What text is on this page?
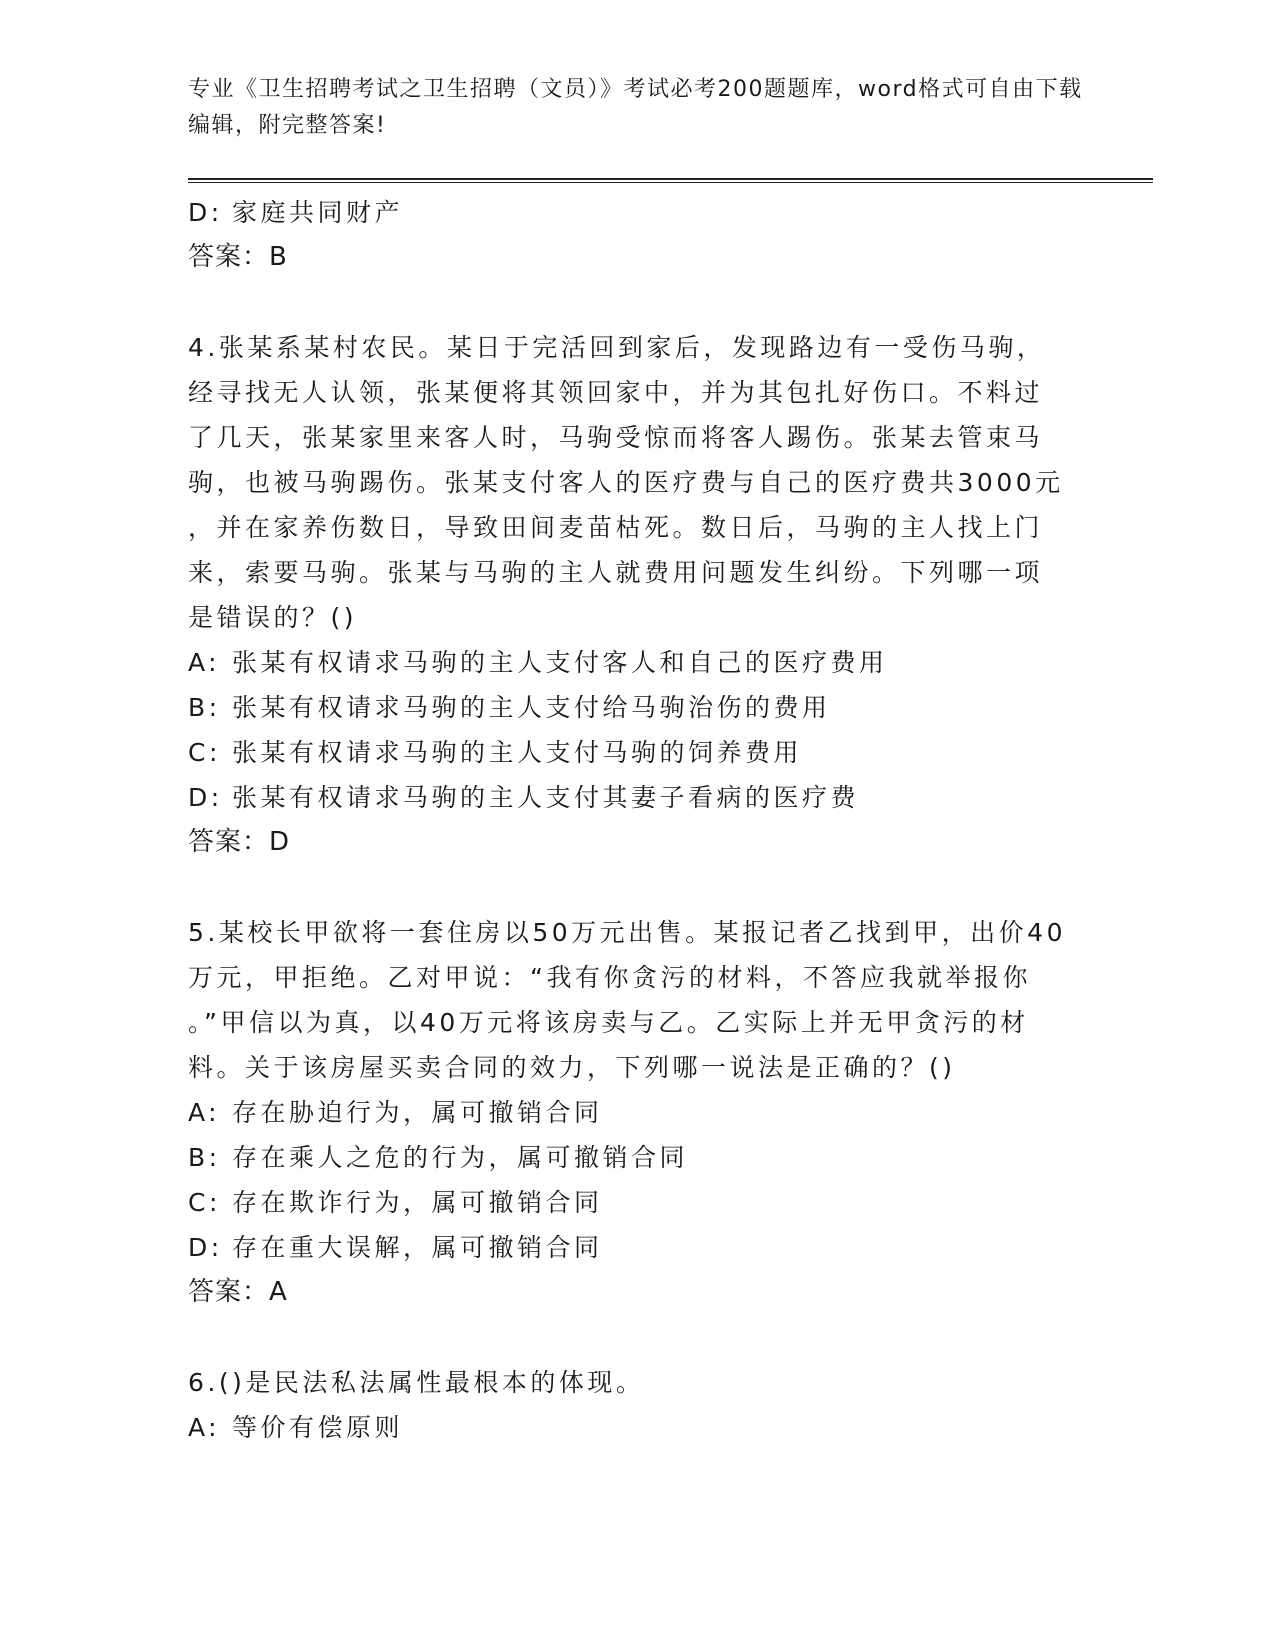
专业《卫生招聘考试之卫生招聘（文员）》考试必考200题题库，word格式可自由下载编辑，附完整答案!

D: 家庭共同财产

答案：B

4.张某系某村农民。某日于完活回到家后，发现路边有一受伤马驹，

经寻找无人认领，张某便将其领回家中，并为其包扎好伤口。不料过

了几天，张某家里来客人时，马驹受惊而将客人踢伤。张某去管束马

驹，也被马驹踢伤。张某支付客人的医疗费与自己的医疗费共3000元

，并在家养伤数日，导致田间麦苗枯死。数日后，马驹的主人找上门

来，索要马驹。张某与马驹的主人就费用问题发生纠纷。下列哪一项

是错误的？()

A: 张某有权请求马驹的主人支付客人和自己的医疗费用
B: 张某有权请求马驹的主人支付给马驹治伤的费用
C: 张某有权请求马驹的主人支付马驹的饲养费用
D: 张某有权请求马驹的主人支付其妻子看病的医疗费

答案：D

5.某校长甲欲将一套住房以50万元出售。某报记者乙找到甲，出价40

万元，甲拒绝。乙对甲说：“我有你贪污的材料，不答应我就举报你

。”甲信以为真，以40万元将该房卖与乙。乙实际上并无甲贪污的材

料。关于该房屋买卖合同的效力，下列哪一说法是正确的？()

A: 存在胁迫行为，属可撤销合同
B: 存在乘人之危的行为，属可撤销合同
C: 存在欺诈行为，属可撤销合同
D: 存在重大误解，属可撤销合同

答案：A

6.()是民法私法属性最根本的体现。

A: 等价有偿原则
